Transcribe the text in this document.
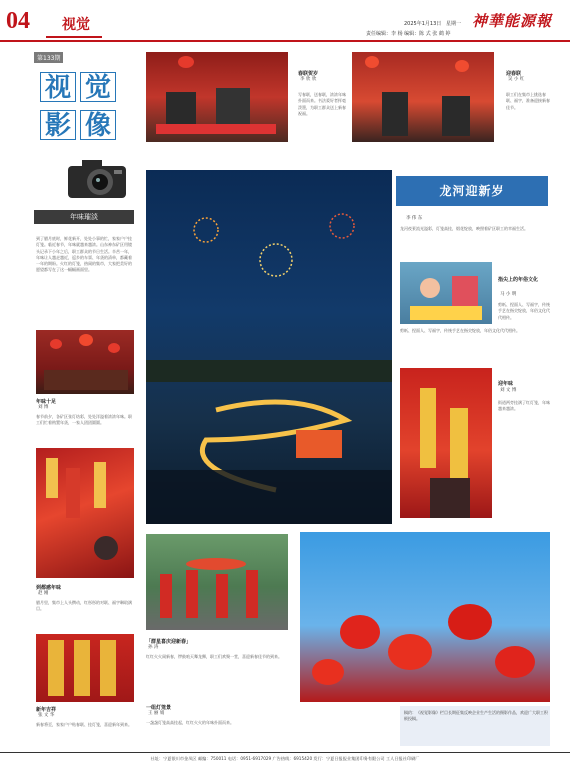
04 视觉	2025年1月13日 星期一
责任编辑：李 杨 编辑：陈 式 张 鹤 婷
神華能源報
第133期
视 觉
影 像
年味璀淡
到了腊月底时，鲜花新开，处处小事的忙，家家户户挂灯笼。临近春节，年味就越来越浓。山东神东矿区用镜头记录下小年之后，职工群众的节日生活。辛苦一年，年味让人越走越近，返乡的车票、年货的清单，都藏着一年的期盼。火红的灯笼，热闹的集市，大家把美好的愿望都写在了这一幅幅画面里。
年味十足
刘 博
春节前夕，各矿区张灯结彩，处处洋溢着浓浓年味。职工们忙着购置年货，一家人团团圆圆。
到都感年味
赵 刚
腊月里，集市上人头攒动，红彤彤的对联、福字琳琅满目。
新年吉祥
张 文 华
新春将至，家家户户贴春联、挂灯笼，喜迎新年到来。
春联贺岁
李 欣 欣
写春联，送春联，浓浓年味扑面而来。书法爱好者挥毫泼墨，为职工群众送上新春祝福。
迎春联
吴 小 红
职工们在集市上挑选春联、福字，准备迎接新春佳节。
龙河迎新岁
李 伟 东
龙河夜景流光溢彩，灯笼高挂，烟花绽放，映照着矿区职工的幸福生活。
指尖上的年俗文化
马 小 明
剪纸、捏面人、写福字，传统手艺在指尖绽放，年俗文化代代相传。
剪纸、捏面人、写福字，传统手艺在指尖绽放，年俗文化代代相传。
迎年味
刘 文 博
街道两旁挂满了红灯笼，年味越来越浓。
「群星喜庆迎新春」
孙 涛
红红火火闹新春，锣鼓喧天舞龙狮，职工们欢聚一堂，喜迎新春佳节的到来。
一组灯笼景
王 丽 娟
一盏盏灯笼高高挂起，红红火火的年味扑面而来。
稿约：《视觉影像》栏目长期征集反映企业生产生活的摄影作品，欢迎广大职工积极投稿。
社址：宁夏银川市金凤区 邮编：750011 电话：0951-6917029 广告热线：6915420 发行：宁夏日报报业集团印务有限公司 工人日报社印刷厂
